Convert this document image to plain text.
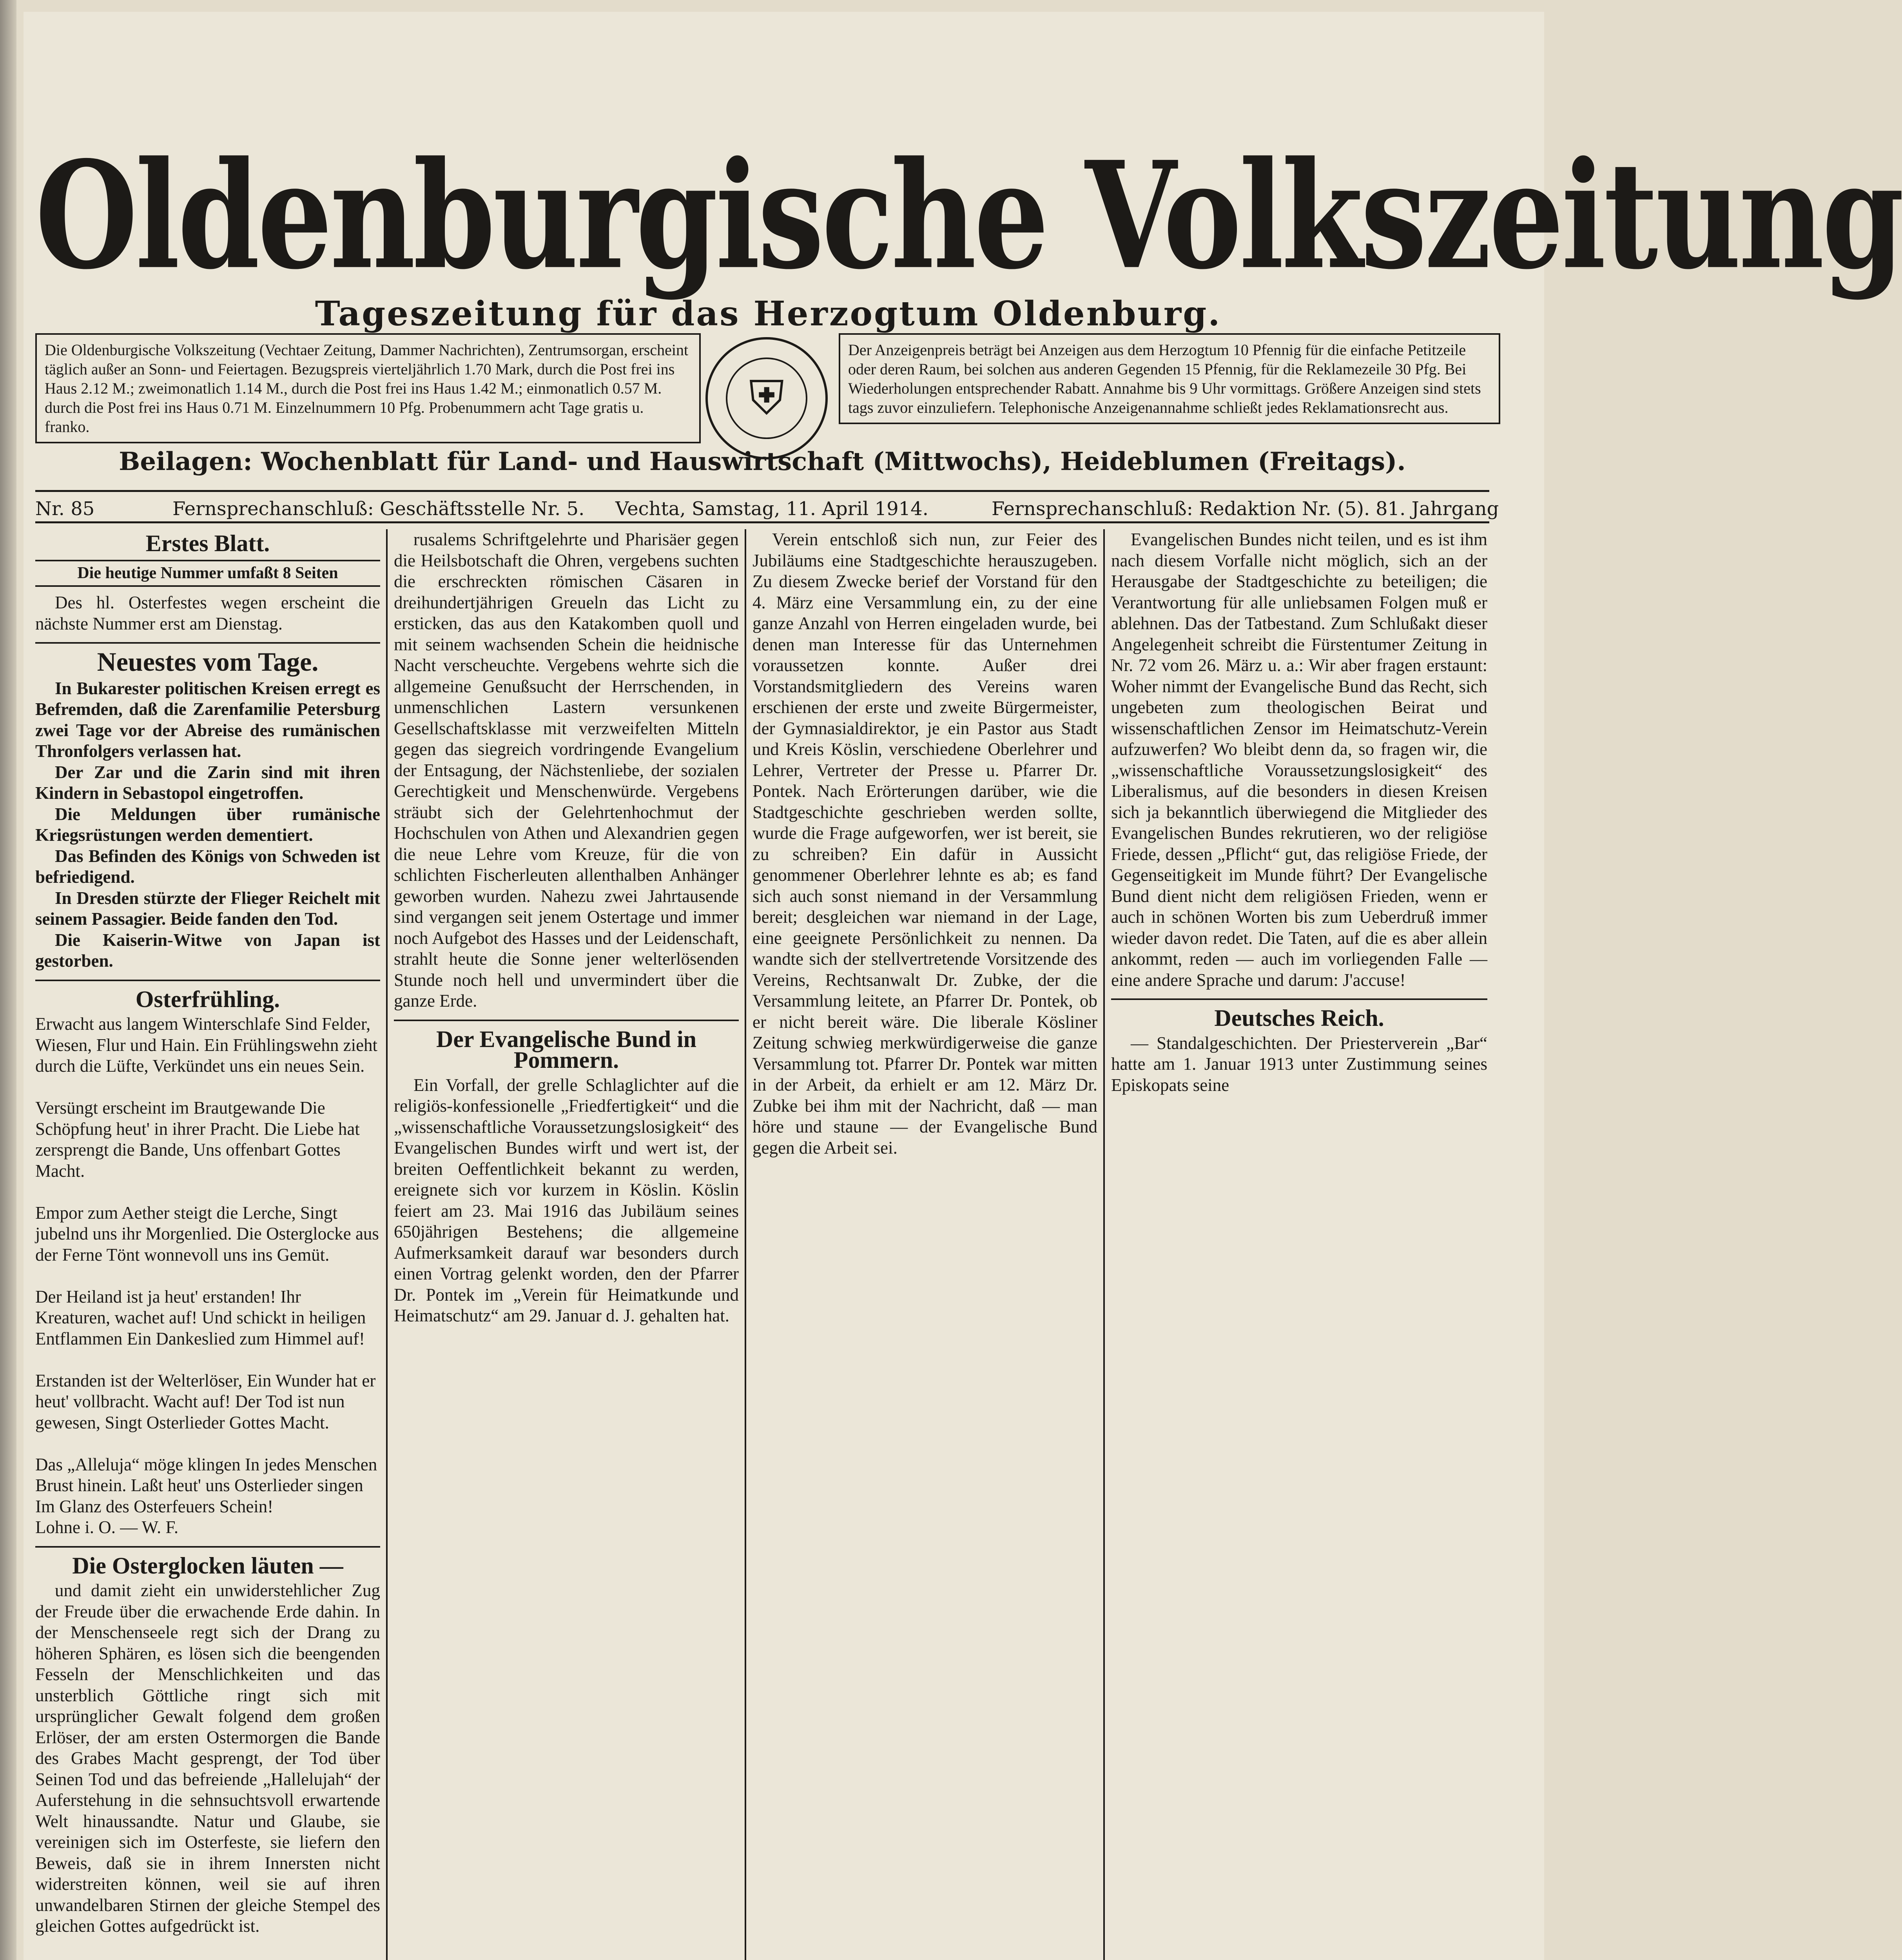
Oldenburgische Volkszeitung
Tageszeitung für das Herzogtum Oldenburg.
Die Oldenburgische Volkszeitung (Vechtaer Zeitung, Dammer Nachrichten), Zentrumsorgan, erscheint täglich außer an Sonn- und Feiertagen. Bezugspreis vierteljährlich 1.70 Mark, durch die Post frei ins Haus 2.12 M.; zweimonatlich 1.14 M., durch die Post frei ins Haus 1.42 M.; einmonatlich 0.57 M. durch die Post frei ins Haus 0.71 M. Einzelnummern 10 Pfg. Probenummern acht Tage gratis u. franko.
⛨
Der Anzeigenpreis beträgt bei Anzeigen aus dem Herzogtum 10 Pfennig für die einfache Petitzeile oder deren Raum, bei solchen aus anderen Gegenden 15 Pfennig, für die Reklamezeile 30 Pfg. Bei Wiederholungen entsprechender Rabatt. Annahme bis 9 Uhr vormittags. Größere Anzeigen sind stets tags zuvor einzuliefern. Telephonische Anzeigenannahme schließt jedes Reklamationsrecht aus.
Beilagen: Wochenblatt für Land- und Hauswirtschaft (Mittwochs), Heideblumen (Freitags).
Nr. 85	Fernsprechanschluß: Geschäftsstelle Nr. 5. Vechta, Samstag, 11. April 1914.	Fernsprechanschluß: Redaktion Nr. (5). 81. Jahrgang
Erstes Blatt.
Die heutige Nummer umfaßt 8 Seiten

Des hl. Osterfestes wegen erscheint die nächste Nummer erst am Dienstag.

Neuestes vom Tage.

In Bukarester politischen Kreisen erregt es Befremden, daß die Zarenfamilie Petersburg zwei Tage vor der Abreise des rumänischen Thronfolgers verlassen hat.

Der Zar und die Zarin sind mit ihren Kindern in Sebastopol eingetroffen.

Die Meldungen über rumänische Kriegsrüstungen werden dementiert.

Das Befinden des Königs von Schweden ist befriedigend.

In Dresden stürzte der Flieger Reichelt mit seinem Passagier. Beide fanden den Tod.

Die Kaiserin-Witwe von Japan ist gestorben.

Osterfrühling.

Erwacht aus langem Winterschlafe Sind Felder, Wiesen, Flur und Hain. Ein Frühlingswehn zieht durch die Lüfte, Verkündet uns ein neues Sein.

Versüngt erscheint im Brautgewande Die Schöpfung heut' in ihrer Pracht. Die Liebe hat zersprengt die Bande, Uns offenbart Gottes Macht.

Empor zum Aether steigt die Lerche, Singt jubelnd uns ihr Morgenlied. Die Osterglocke aus der Ferne Tönt wonnevoll uns ins Gemüt.

Der Heiland ist ja heut' erstanden! Ihr Kreaturen, wachet auf! Und schickt in heiligen Entflammen Ein Dankeslied zum Himmel auf!

Erstanden ist der Welterlöser, Ein Wunder hat er heut' vollbracht. Wacht auf! Der Tod ist nun gewesen, Singt Osterlieder Gottes Macht.

Das „Alleluja“ möge klingen In jedes Menschen Brust hinein. Laßt heut' uns Osterlieder singen Im Glanz des Osterfeuers Schein!

Lohne i. O. — W. F.

Die Osterglocken läuten —

und damit zieht ein unwiderstehlicher Zug der Freude über die erwachende Erde dahin. In der Menschenseele regt sich der Drang zu höheren Sphären, es lösen sich die beengenden Fesseln der Menschlichkeiten und das unsterblich Göttliche ringt sich mit ursprünglicher Gewalt folgend dem großen Erlöser, der am ersten Ostermorgen die Bande des Grabes Macht gesprengt, der Tod über Seinen Tod und das befreiende „Hallelujah“ der Auferstehung in die sehnsuchtsvoll erwartende Welt hinaussandte. Natur und Glaube, sie vereinigen sich im Osterfeste, sie liefern den Beweis, daß sie in ihrem Innersten nicht widerstreiten können, weil sie auf ihren unwandelbaren Stirnen der gleiche Stempel des gleichen Gottes aufgedrückt ist.

rusalems Schriftgelehrte und Pharisäer gegen die Heilsbotschaft die Ohren, vergebens suchten die erschreckten römischen Cäsaren in dreihundertjährigen Greueln das Licht zu ersticken, das aus den Katakomben quoll und mit seinem wachsenden Schein die heidnische Nacht verscheuchte. Vergebens wehrte sich die allgemeine Genußsucht der Herrschenden, in unmenschlichen Lastern versunkenen Gesellschaftsklasse mit verzweifelten Mitteln gegen das siegreich vordringende Evangelium der Entsagung, der Nächstenliebe, der sozialen Gerechtigkeit und Menschenwürde. Vergebens sträubt sich der Gelehrtenhochmut der Hochschulen von Athen und Alexandrien gegen die neue Lehre vom Kreuze, für die von schlichten Fischerleuten allenthalben Anhänger geworben wurden. Nahezu zwei Jahrtausende sind vergangen seit jenem Ostertage und immer noch Aufgebot des Hasses und der Leidenschaft, strahlt heute die Sonne jener welterlösenden Stunde noch hell und unvermindert über die ganze Erde.

Der Evangelische Bund in Pommern.

Ein Vorfall, der grelle Schlaglichter auf die religiös-konfessionelle „Friedfertigkeit“ und die „wissenschaftliche Voraussetzungslosigkeit“ des Evangelischen Bundes wirft und wert ist, der breiten Oeffentlichkeit bekannt zu werden, ereignete sich vor kurzem in Köslin. Köslin feiert am 23. Mai 1916 das Jubiläum seines 650jährigen Bestehens; die allgemeine Aufmerksamkeit darauf war besonders durch einen Vortrag gelenkt worden, den der Pfarrer Dr. Pontek im „Verein für Heimatkunde und Heimatschutz“ am 29. Januar d. J. gehalten hat.

Verein entschloß sich nun, zur Feier des Jubiläums eine Stadtgeschichte herauszugeben. Zu diesem Zwecke berief der Vorstand für den 4. März eine Versammlung ein, zu der eine ganze Anzahl von Herren eingeladen wurde, bei denen man Interesse für das Unternehmen voraussetzen konnte. Außer drei Vorstandsmitgliedern des Vereins waren erschienen der erste und zweite Bürgermeister, der Gymnasialdirektor, je ein Pastor aus Stadt und Kreis Köslin, verschiedene Oberlehrer und Lehrer, Vertreter der Presse u. Pfarrer Dr. Pontek. Nach Erörterungen darüber, wie die Stadtgeschichte geschrieben werden sollte, wurde die Frage aufgeworfen, wer ist bereit, sie zu schreiben? Ein dafür in Aussicht genommener Oberlehrer lehnte es ab; es fand sich auch sonst niemand in der Versammlung bereit; desgleichen war niemand in der Lage, eine geeignete Persönlichkeit zu nennen. Da wandte sich der stellvertretende Vorsitzende des Vereins, Rechtsanwalt Dr. Zubke, der die Versammlung leitete, an Pfarrer Dr. Pontek, ob er nicht bereit wäre. Die liberale Kösliner Zeitung schwieg merkwürdigerweise die ganze Versammlung tot. Pfarrer Dr. Pontek war mitten in der Arbeit, da erhielt er am 12. März Dr. Zubke bei ihm mit der Nachricht, daß — man höre und staune — der Evangelische Bund gegen die Arbeit sei.

Evangelischen Bundes nicht teilen, und es ist ihm nach diesem Vorfalle nicht möglich, sich an der Herausgabe der Stadtgeschichte zu beteiligen; die Verantwortung für alle unliebsamen Folgen muß er ablehnen. Das der Tatbestand. Zum Schlußakt dieser Angelegenheit schreibt die Fürstentumer Zeitung in Nr. 72 vom 26. März u. a.: Wir aber fragen erstaunt: Woher nimmt der Evangelische Bund das Recht, sich ungebeten zum theologischen Beirat und wissenschaftlichen Zensor im Heimatschutz-Verein aufzuwerfen? Wo bleibt denn da, so fragen wir, die „wissenschaftliche Voraussetzungslosigkeit“ des Liberalismus, auf die besonders in diesen Kreisen sich ja bekanntlich überwiegend die Mitglieder des Evangelischen Bundes rekrutieren, wo der religiöse Friede, dessen „Pflicht“ gut, das religiöse Friede, der Gegenseitigkeit im Munde führt? Der Evangelische Bund dient nicht dem religiösen Frieden, wenn er auch in schönen Worten bis zum Ueberdruß immer wieder davon redet. Die Taten, auf die es aber allein ankommt, reden — auch im vorliegenden Falle — eine andere Sprache und darum: J'accuse!

Deutsches Reich.

— Standalgeschichten. Der Priesterverein „Bar“ hatte am 1. Januar 1913 unter Zustimmung seines Episkopats seine
